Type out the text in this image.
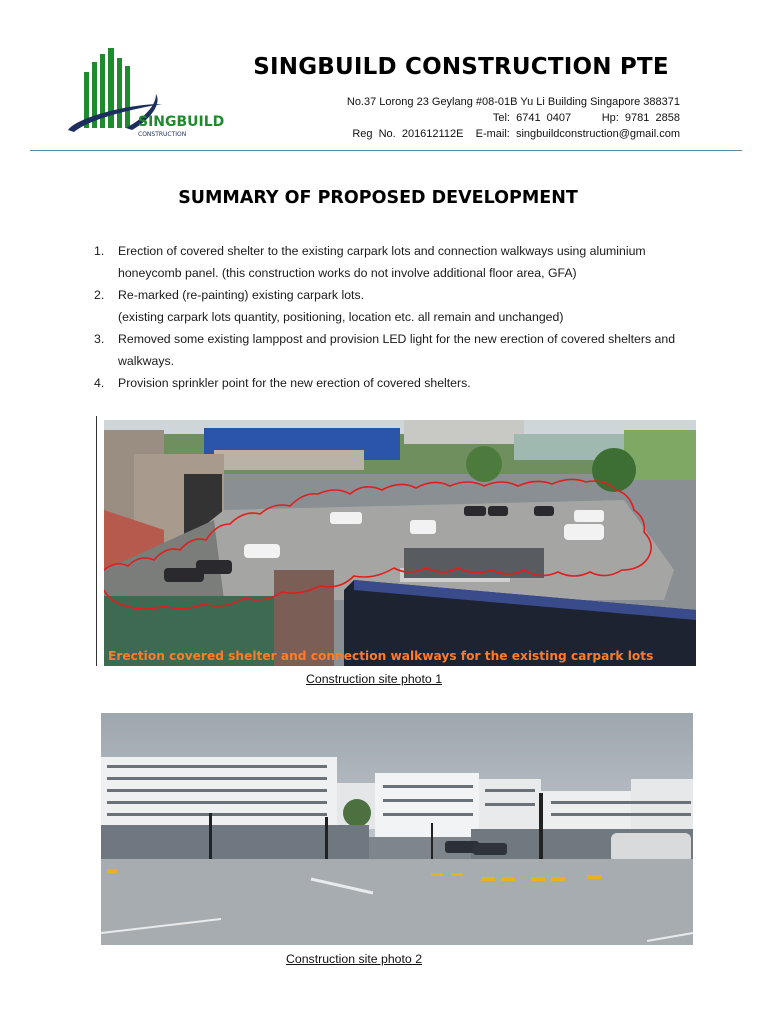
SINGBUILD
CONSTRUCTION
SINGBUILD CONSTRUCTION PTE
No.37 Lorong 23 Geylang #08-01B Yu Li Building Singapore 388371
Tel:  6741  0407          Hp:  9781  2858
Reg  No.  201612112E    E-mail:  singbuildconstruction@gmail.com
SUMMARY OF PROPOSED DEVELOPMENT
1. Erection of covered shelter to the existing carpark lots and connection walkways using aluminium honeycomb panel. (this construction works do not involve additional floor area, GFA)
2. Re-marked (re-painting) existing carpark lots.
(existing carpark lots quantity, positioning, location etc. all remain and unchanged)
3. Removed some existing lamppost and provision LED light for the new erection of covered shelters and walkways.
4. Provision sprinkler point for the new erection of covered shelters.
Erection covered shelter and connection walkways for the existing carpark lots
Construction site photo 1
Construction site photo 2
